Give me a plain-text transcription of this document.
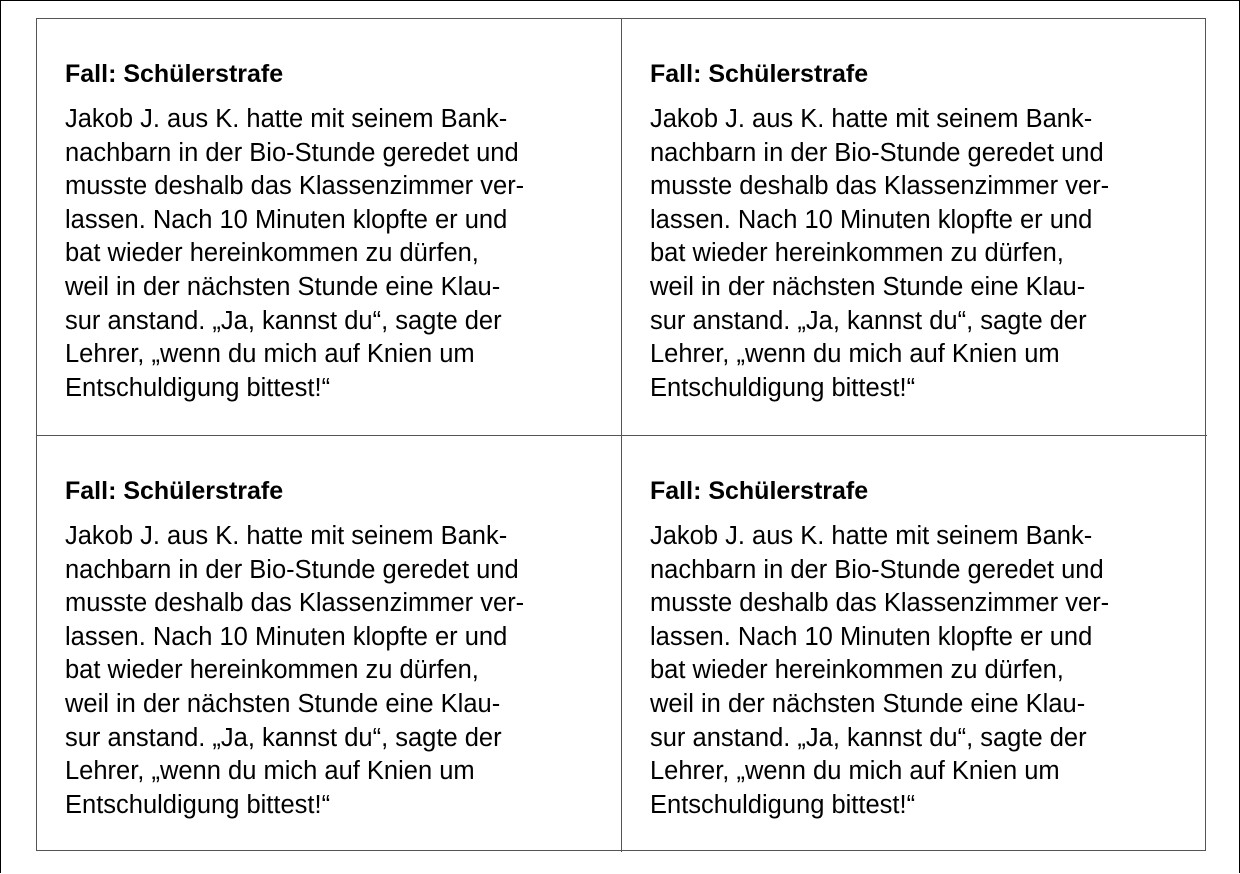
Fall: Schülerstrafe
Jakob J. aus K. hatte mit seinem Bank-
nachbarn in der Bio-Stunde geredet und
musste deshalb das Klassenzimmer ver-
lassen. Nach 10 Minuten klopfte er und
bat wieder hereinkommen zu dürfen,
weil in der nächsten Stunde eine Klau-
sur anstand. „Ja, kannst du“, sagte der
Lehrer, „wenn du mich auf Knien um
Entschuldigung bittest!“
Fall: Schülerstrafe
Jakob J. aus K. hatte mit seinem Bank-
nachbarn in der Bio-Stunde geredet und
musste deshalb das Klassenzimmer ver-
lassen. Nach 10 Minuten klopfte er und
bat wieder hereinkommen zu dürfen,
weil in der nächsten Stunde eine Klau-
sur anstand. „Ja, kannst du“, sagte der
Lehrer, „wenn du mich auf Knien um
Entschuldigung bittest!“
Fall: Schülerstrafe
Jakob J. aus K. hatte mit seinem Bank-
nachbarn in der Bio-Stunde geredet und
musste deshalb das Klassenzimmer ver-
lassen. Nach 10 Minuten klopfte er und
bat wieder hereinkommen zu dürfen,
weil in der nächsten Stunde eine Klau-
sur anstand. „Ja, kannst du“, sagte der
Lehrer, „wenn du mich auf Knien um
Entschuldigung bittest!“
Fall: Schülerstrafe
Jakob J. aus K. hatte mit seinem Bank-
nachbarn in der Bio-Stunde geredet und
musste deshalb das Klassenzimmer ver-
lassen. Nach 10 Minuten klopfte er und
bat wieder hereinkommen zu dürfen,
weil in der nächsten Stunde eine Klau-
sur anstand. „Ja, kannst du“, sagte der
Lehrer, „wenn du mich auf Knien um
Entschuldigung bittest!“
